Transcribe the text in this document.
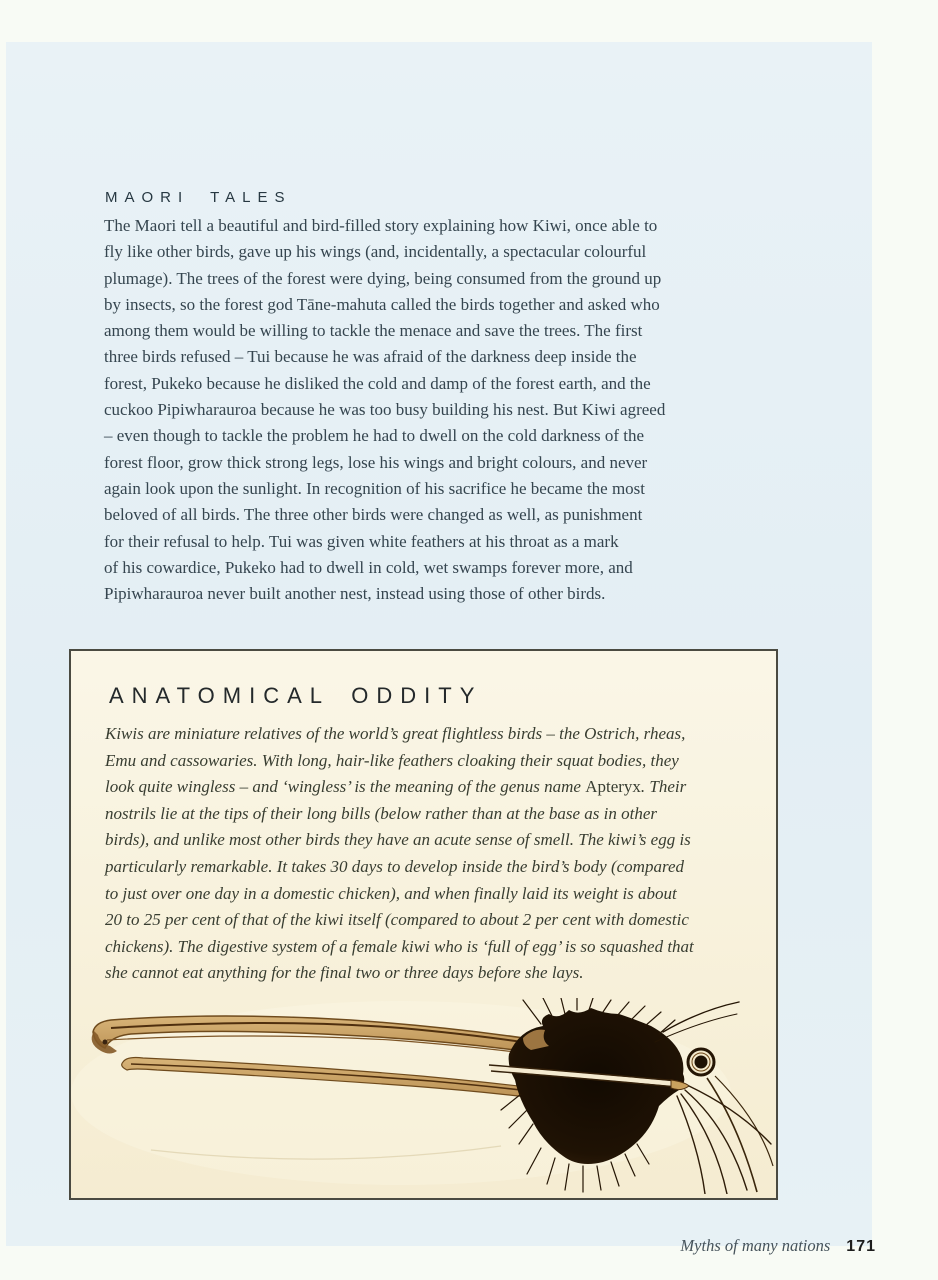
MAORI TALES
The Maori tell a beautiful and bird-filled story explaining how Kiwi, once able to
fly like other birds, gave up his wings (and, incidentally, a spectacular colourful
plumage). The trees of the forest were dying, being consumed from the ground up
by insects, so the forest god Tāne-mahuta called the birds together and asked who
among them would be willing to tackle the menace and save the trees. The first
three birds refused – Tui because he was afraid of the darkness deep inside the
forest, Pukeko because he disliked the cold and damp of the forest earth, and the
cuckoo Pipiwharauroa because he was too busy building his nest. But Kiwi agreed
– even though to tackle the problem he had to dwell on the cold darkness of the
forest floor, grow thick strong legs, lose his wings and bright colours, and never
again look upon the sunlight. In recognition of his sacrifice he became the most
beloved of all birds. The three other birds were changed as well, as punishment
for their refusal to help. Tui was given white feathers at his throat as a mark
of his cowardice, Pukeko had to dwell in cold, wet swamps forever more, and
Pipiwharauroa never built another nest, instead using those of other birds.
ANATOMICAL ODDITY
Kiwis are miniature relatives of the world’s great flightless birds – the Ostrich, rheas,
Emu and cassowaries. With long, hair-like feathers cloaking their squat bodies, they
look quite wingless – and ‘wingless’ is the meaning of the genus name Apteryx. Their
nostrils lie at the tips of their long bills (below rather than at the base as in other
birds), and unlike most other birds they have an acute sense of smell. The kiwi’s egg is
particularly remarkable. It takes 30 days to develop inside the bird’s body (compared
to just over one day in a domestic chicken), and when finally laid its weight is about
20 to 25 per cent of that of the kiwi itself (compared to about 2 per cent with domestic
chickens). The digestive system of a female kiwi who is ‘full of egg’ is so squashed that
she cannot eat anything for the final two or three days before she lays.
Myths of many nations 171
